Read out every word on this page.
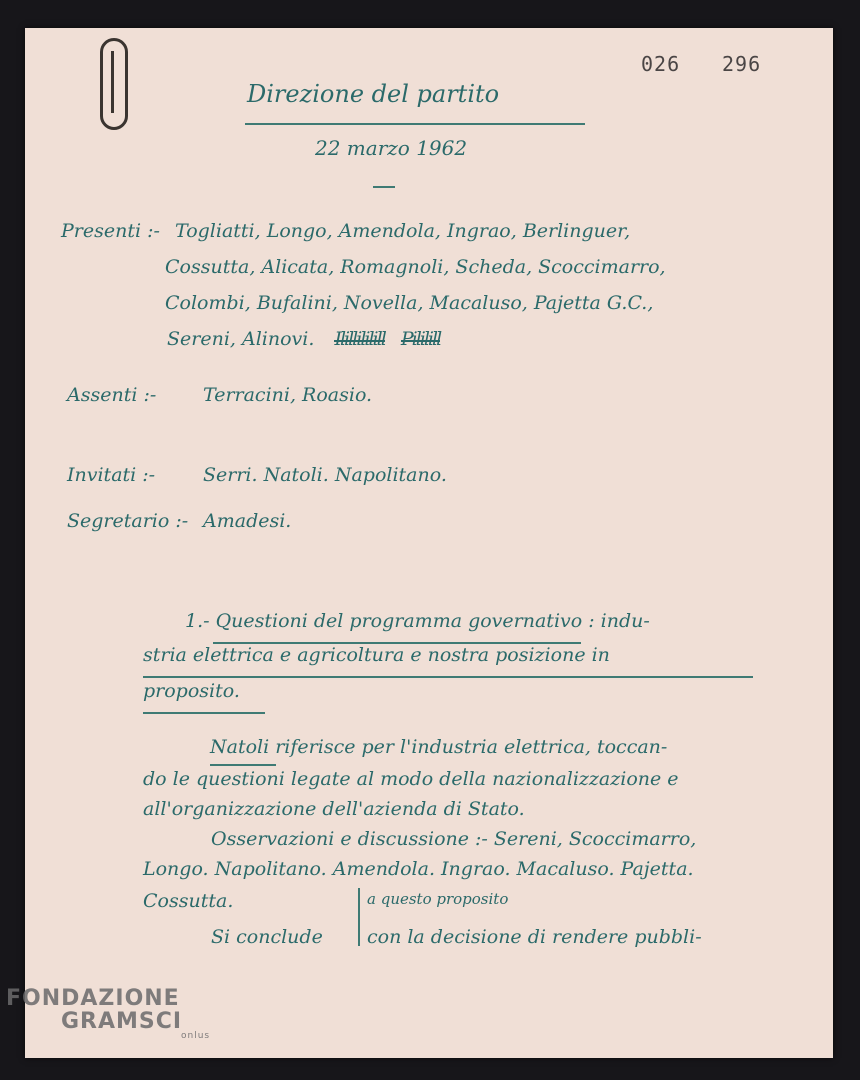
026 296
Direzione del partito
22 marzo 1962
Presenti :- Togliatti, Longo, Amendola, Ingrao, Berlinguer,
Cossutta, Alicata, Romagnoli, Scheda, Scoccimarro,
Colombi, Bufalini, Novella, Macaluso, Pajetta G.C.,
Sereni, Alinovi. Ilillililill Pililill
Assenti :- Terracini, Roasio.
Invitati :-	Serri. Natoli. Napolitano.
Segretario :- Amadesi.
1.- Questioni del programma governativo : indu-
stria elettrica e agricoltura e nostra posizione in
proposito.
Natoli riferisce per l'industria elettrica, toccan-
do le questioni legate al modo della nazionalizzazione e
all'organizzazione dell'azienda di Stato.
Osservazioni e discussione :- Sereni, Scoccimarro,
Longo. Napolitano. Amendola. Ingrao. Macaluso. Pajetta.
Cossutta.	a questo proposito
Si conclude con la decisione di rendere pubbli-
FONDAZIONE
GRAMSCI
onlus
